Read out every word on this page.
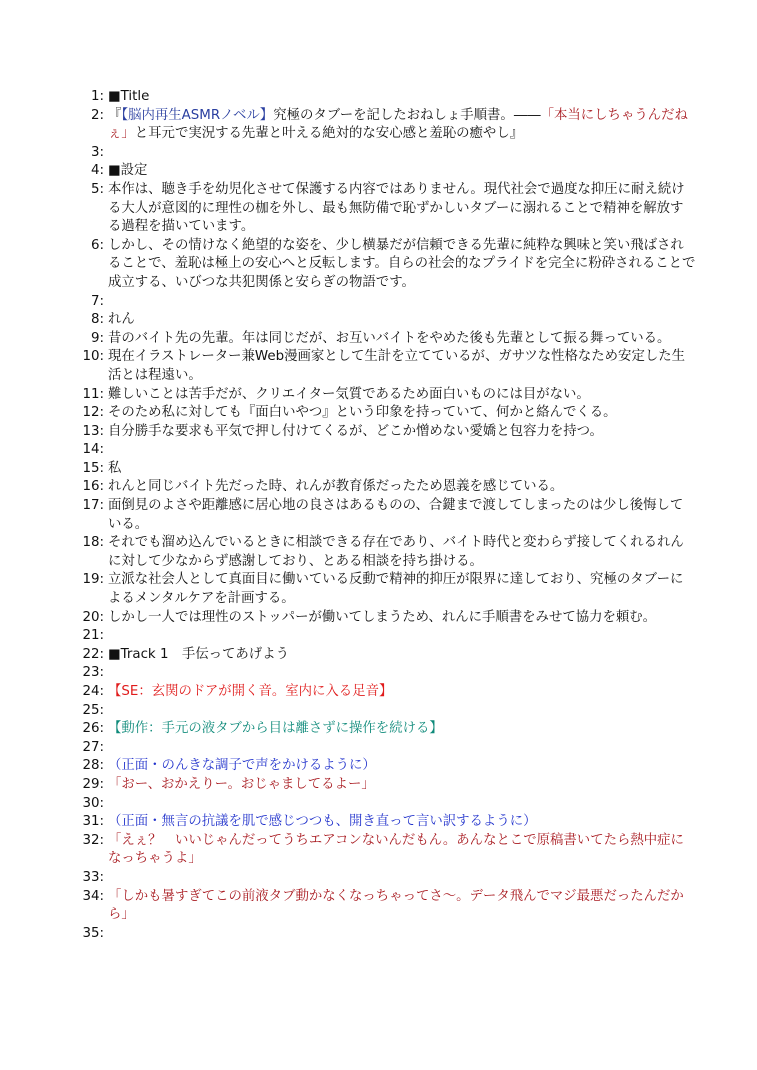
1: ■Title
2: 『【脳内再生ASMRノベル】究極のタブーを記したおねしょ手順書。――「本当にしちゃうんだねぇ」と耳元で実況する先輩と叶える絶対的な安心感と羞恥の癒やし』
3:

4: ■設定
5: 本作は、聴き手を幼児化させて保護する内容ではありません。現代社会で過度な抑圧に耐え続ける大人が意図的に理性の枷を外し、最も無防備で恥ずかしいタブーに溺れることで精神を解放する過程を描いています。
6: しかし、その情けなく絶望的な姿を、少し横暴だが信頼できる先輩に純粋な興味と笑い飛ばされることで、羞恥は極上の安心へと反転します。自らの社会的なプライドを完全に粉砕されることで成立する、いびつな共犯関係と安らぎの物語です。
7:

8: れん
9: 昔のバイト先の先輩。年は同じだが、お互いバイトをやめた後も先輩として振る舞っている。
10: 現在イラストレーター兼Web漫画家として生計を立てているが、ガサツな性格なため安定した生活とは程遠い。
11: 難しいことは苦手だが、クリエイター気質であるため面白いものには目がない。
12: そのため私に対しても『面白いやつ』という印象を持っていて、何かと絡んでくる。
13: 自分勝手な要求も平気で押し付けてくるが、どこか憎めない愛嬌と包容力を持つ。
14:

15: 私
16: れんと同じバイト先だった時、れんが教育係だったため恩義を感じている。
17: 面倒見のよさや距離感に居心地の良さはあるものの、合鍵まで渡してしまったのは少し後悔している。
18: それでも溜め込んでいるときに相談できる存在であり、バイト時代と変わらず接してくれるれんに対して少なからず感謝しており、とある相談を持ち掛ける。
19: 立派な社会人として真面目に働いている反動で精神的抑圧が限界に達しており、究極のタブーによるメンタルケアを計画する。
20: しかし一人では理性のストッパーが働いてしまうため、れんに手順書をみせて協力を頼む。
21:

22: ■Track 1　手伝ってあげよう
23:

24: 【SE：玄関のドアが開く音。室内に入る足音】
25:

26: 【動作：手元の液タブから目は離さずに操作を続ける】
27:

28: （正面・のんきな調子で声をかけるように）
29: 「おー、おかえりー。おじゃましてるよー」
30:

31: （正面・無言の抗議を肌で感じつつも、開き直って言い訳するように）
32: 「えぇ？　いいじゃんだってうちエアコンないんだもん。あんなとこで原稿書いてたら熱中症になっちゃうよ」
33:

34: 「しかも暑すぎてこの前液タブ動かなくなっちゃってさ～。データ飛んでマジ最悪だったんだから」
35:
